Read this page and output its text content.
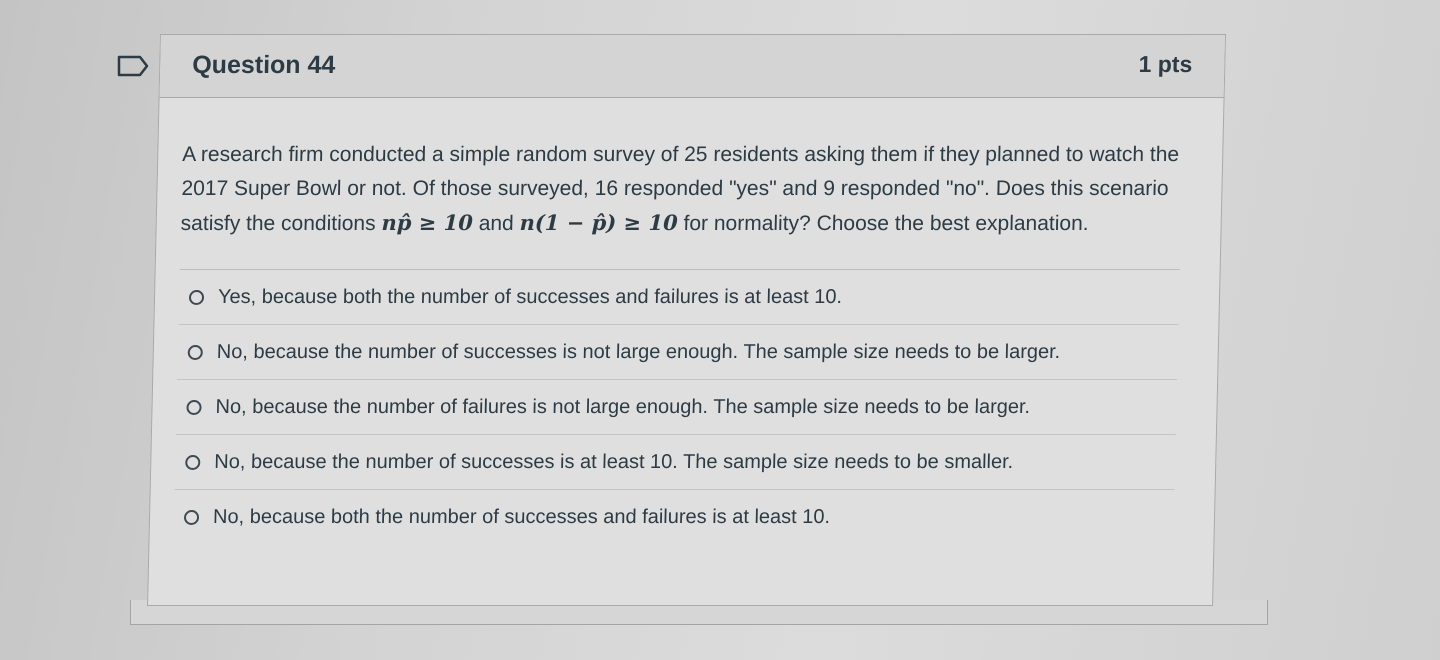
Question 44	1 pts
A research firm conducted a simple random survey of 25 residents asking them if they planned to watch the 2017 Super Bowl or not. Of those surveyed, 16 responded "yes" and 9 responded "no". Does this scenario satisfy the conditions np̂ ≥ 10 and n(1 − p̂) ≥ 10 for normality? Choose the best explanation.
Yes, because both the number of successes and failures is at least 10.
No, because the number of successes is not large enough. The sample size needs to be larger.
No, because the number of failures is not large enough. The sample size needs to be larger.
No, because the number of successes is at least 10. The sample size needs to be smaller.
No, because both the number of successes and failures is at least 10.
